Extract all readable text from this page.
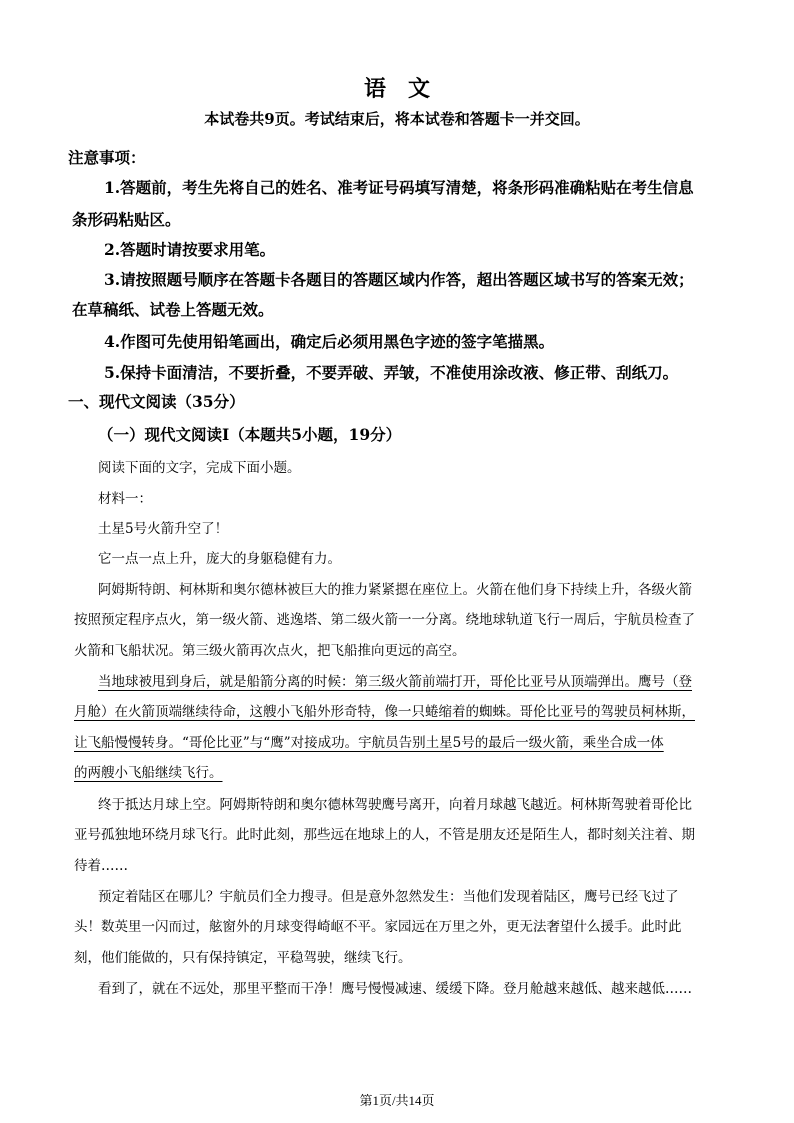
语文
本试卷共9页。考试结束后，将本试卷和答题卡一并交回。
注意事项：
1.答题前，考生先将自己的姓名、准考证号码填写清楚，将条形码准确粘贴在考生信息
条形码粘贴区。
2.答题时请按要求用笔。
3.请按照题号顺序在答题卡各题目的答题区域内作答，超出答题区域书写的答案无效；
在草稿纸、试卷上答题无效。
4.作图可先使用铅笔画出，确定后必须用黑色字迹的签字笔描黑。
5.保持卡面清洁，不要折叠，不要弄破、弄皱，不准使用涂改液、修正带、刮纸刀。
一、现代文阅读（35分）
（一）现代文阅读Ⅰ（本题共5小题，19分）
阅读下面的文字，完成下面小题。
材料一：
土星5号火箭升空了！
它一点一点上升，庞大的身躯稳健有力。
阿姆斯特朗、柯林斯和奥尔德林被巨大的推力紧紧摁在座位上。火箭在他们身下持续上升，各级火箭
按照预定程序点火，第一级火箭、逃逸塔、第二级火箭一一分离。绕地球轨道飞行一周后，宇航员检查了
火箭和飞船状况。第三级火箭再次点火，把飞船推向更远的高空。
当地球被甩到身后，就是船箭分离的时候：第三级火箭前端打开，哥伦比亚号从顶端弹出。鹰号（登
月舱）在火箭顶端继续待命，这艘小飞船外形奇特，像一只蜷缩着的蜘蛛。哥伦比亚号的驾驶员柯林斯，
让飞船慢慢转身。“哥伦比亚”与“鹰”对接成功。宇航员告别土星5号的最后一级火箭，乘坐合成一体
的两艘小飞船继续飞行。
终于抵达月球上空。阿姆斯特朗和奥尔德林驾驶鹰号离开，向着月球越飞越近。柯林斯驾驶着哥伦比
亚号孤独地环绕月球飞行。此时此刻，那些远在地球上的人，不管是朋友还是陌生人，都时刻关注着、期
待着……
预定着陆区在哪儿？宇航员们全力搜寻。但是意外忽然发生：当他们发现着陆区，鹰号已经飞过了
头！数英里一闪而过，舷窗外的月球变得崎岖不平。家园远在万里之外，更无法奢望什么援手。此时此
刻，他们能做的，只有保持镇定，平稳驾驶，继续飞行。
看到了，就在不远处，那里平整而干净！鹰号慢慢减速、缓缓下降。登月舱越来越低、越来越低……
第1页/共14页
